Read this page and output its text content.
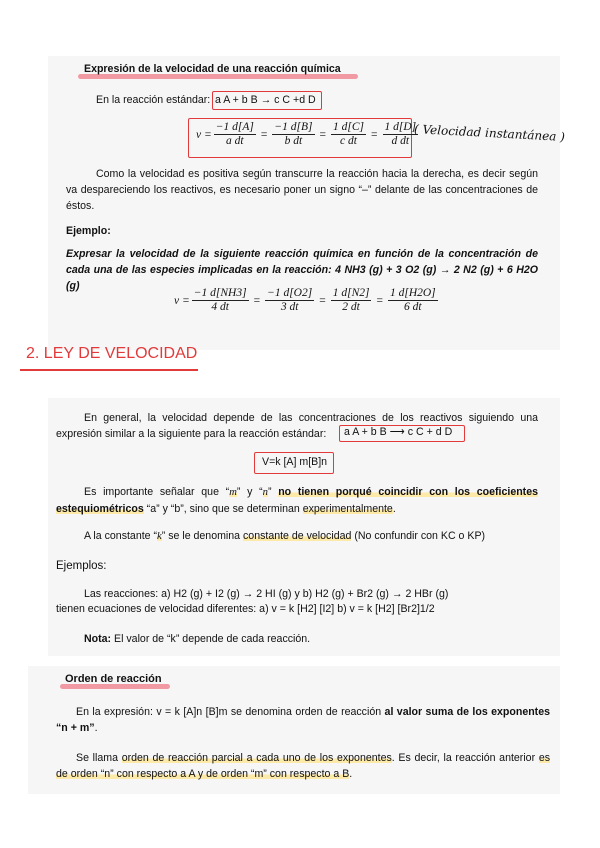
Expresión de la velocidad de una reacción química
En la reacción estándar: a A + b B → c C +d D
$v = \frac{-1 d[A]}{\text{a dt}} = \frac{-1 d[B]}{\text{b dt}} = \frac{1 d[C]}{\text{c dt}} = \frac{1 d[D]}{\text{d dt}}$
( Velocidad instantánea )
Como la velocidad es positiva según transcurre la reacción hacia la derecha, es decir según va despareciendo los reactivos, es necesario poner un signo “–” delante de las concentraciones de éstos.
Ejemplo:
Expresar la velocidad de la siguiente reacción química en función de la concentración de cada una de las especies implicadas en la reacción: 4 NH3 (g) + 3 O2 (g) → 2 N2 (g) + 6 H2O (g)
$v = \frac{-1 d[NH3]}{4 dt} = \frac{-1 d[O2]}{3 dt} = \frac{1 d[N2]}{2 dt} = \frac{1 d[H2O]}{6 dt}$
2. LEY DE VELOCIDAD
En general, la velocidad depende de las concentraciones de los reactivos siguiendo una expresión similar a la siguiente para la reacción estándar:	a A + b B ⟶ c C + d D
V=k [A] m[B]n
Es importante señalar que “m” y “n” no tienen porqué coincidir con los coeficientes estequiométricos “a” y “b”, sino que se determinan experimentalmente.
A la constante “k” se le denomina constante de velocidad (No confundir con KC o KP)
Ejemplos:
Las reacciones: a) H2 (g) + I2 (g) → 2 HI (g) y b) H2 (g) + Br2 (g) → 2 HBr (g)
tienen ecuaciones de velocidad diferentes: a) v = k [H2] [I2] b) v = k [H2] [Br2]1/2
Nota: El valor de “k” depende de cada reacción.
Orden de reacción
En la expresión: v = k [A]n [B]m se denomina orden de reacción al valor suma de los exponentes “n + m”.
Se llama orden de reacción parcial a cada uno de los exponentes. Es decir, la reacción anterior es de orden “n” con respecto a A y de orden “m” con respecto a B.
